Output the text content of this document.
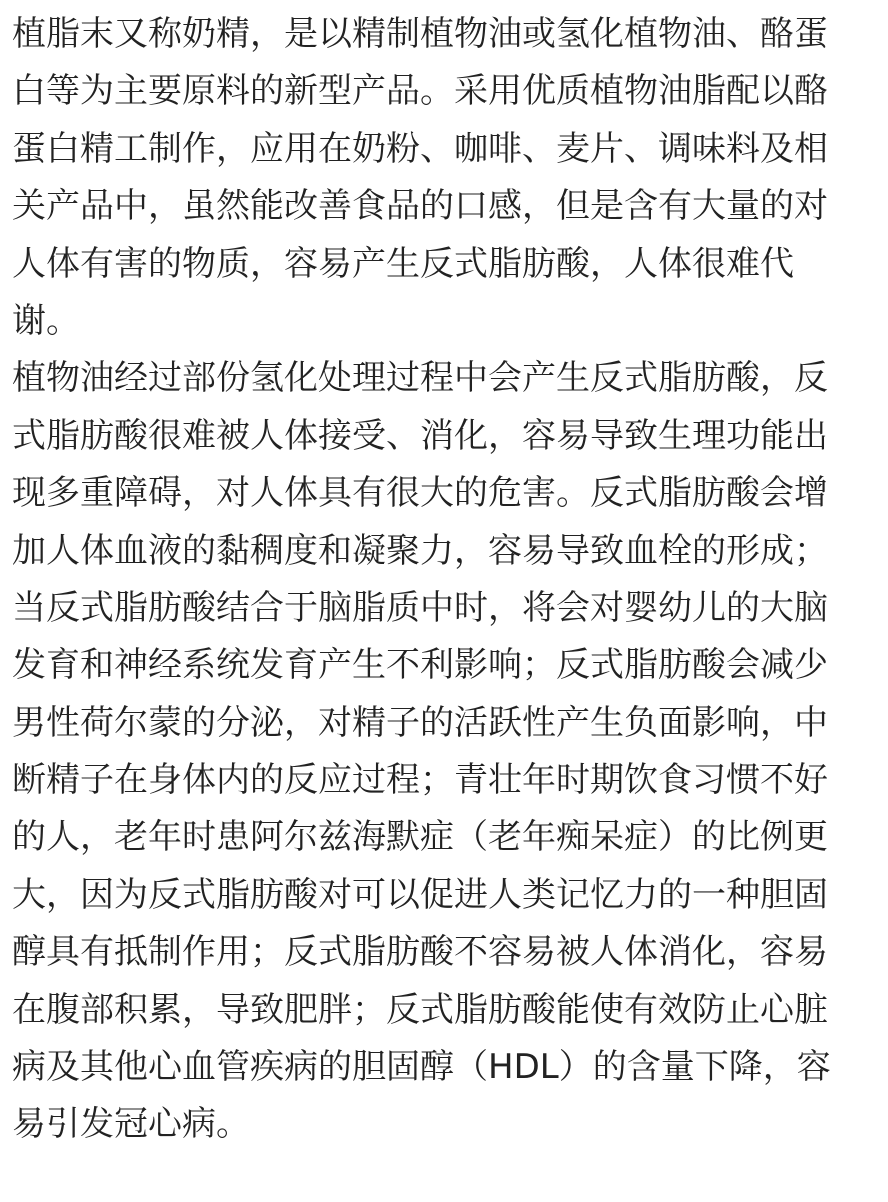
植脂末又称奶精，是以精制植物油或氢化植物油、酪蛋
白等为主要原料的新型产品。采用优质植物油脂配以酪
蛋白精工制作，应用在奶粉、咖啡、麦片、调味料及相
关产品中，虽然能改善食品的口感，但是含有大量的对
人体有害的物质，容易产生反式脂肪酸，人体很难代
谢。
植物油经过部份氢化处理过程中会产生反式脂肪酸，反
式脂肪酸很难被人体接受、消化，容易导致生理功能出
现多重障碍，对人体具有很大的危害。反式脂肪酸会增
加人体血液的黏稠度和凝聚力，容易导致血栓的形成；
当反式脂肪酸结合于脑脂质中时，将会对婴幼儿的大脑
发育和神经系统发育产生不利影响；反式脂肪酸会减少
男性荷尔蒙的分泌，对精子的活跃性产生负面影响，中
断精子在身体内的反应过程；青壮年时期饮食习惯不好
的人，老年时患阿尔兹海默症（老年痴呆症）的比例更
大，因为反式脂肪酸对可以促进人类记忆力的一种胆固
醇具有抵制作用；反式脂肪酸不容易被人体消化，容易
在腹部积累，导致肥胖；反式脂肪酸能使有效防止心脏
病及其他心血管疾病的胆固醇（HDL）的含量下降，容
易引发冠心病。
